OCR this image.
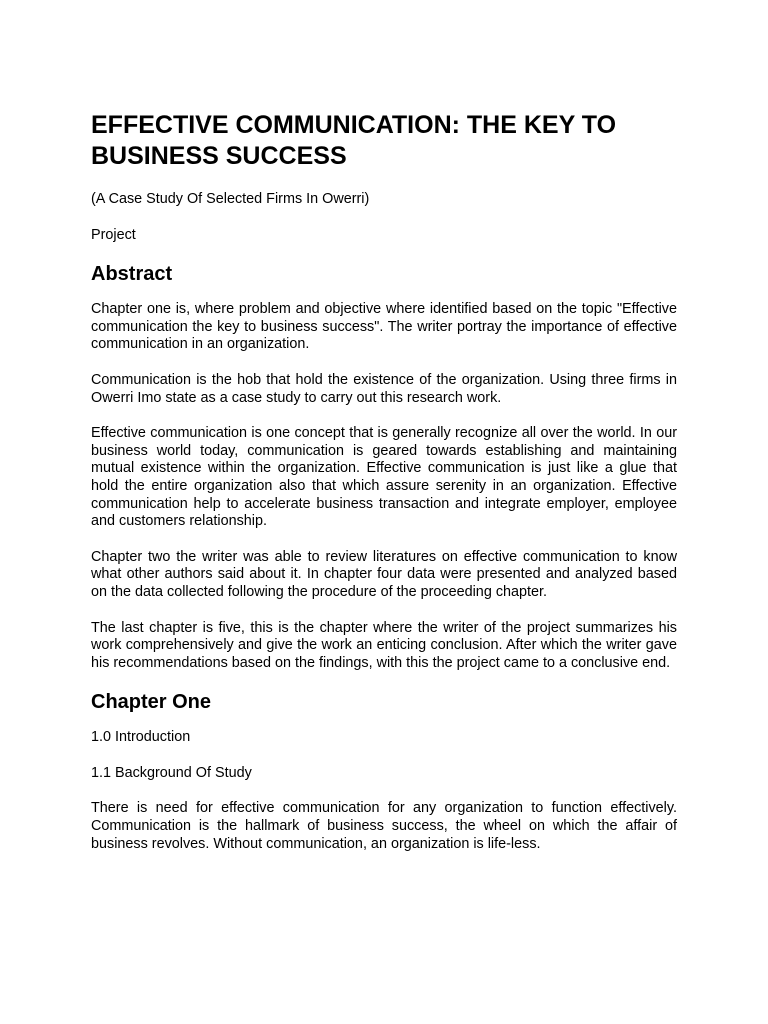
EFFECTIVE COMMUNICATION: THE KEY TO BUSINESS SUCCESS

(A Case Study Of Selected Firms In Owerri)

Project

Abstract

Chapter one is, where problem and objective where identified based on the topic "Effective communication the key to business success". The writer portray the importance of effective communication in an organization.

Communication is the hob that hold the existence of the organization. Using three firms in Owerri Imo state as a case study to carry out this research work.

Effective communication is one concept that is generally recognize all over the world. In our business world today, communication is geared towards establishing and maintaining mutual existence within the organization. Effective communication is just like a glue that hold the entire organization also that which assure serenity in an organization. Effective communication help to accelerate business transaction and integrate employer, employee and customers relationship.

Chapter two the writer was able to review literatures on effective communication to know what other authors said about it. In chapter four data were presented and analyzed based on the data collected following the procedure of the proceeding chapter.

The last chapter is five, this is the chapter where the writer of the project summarizes his work comprehensively and give the work an enticing conclusion. After which the writer gave his recommendations based on the findings, with this the project came to a conclusive end.

Chapter One

1.0 Introduction

1.1 Background Of Study

There is need for effective communication for any organization to function effectively. Communication is the hallmark of business success, the wheel on which the affair of business revolves. Without communication, an organization is life-less.
